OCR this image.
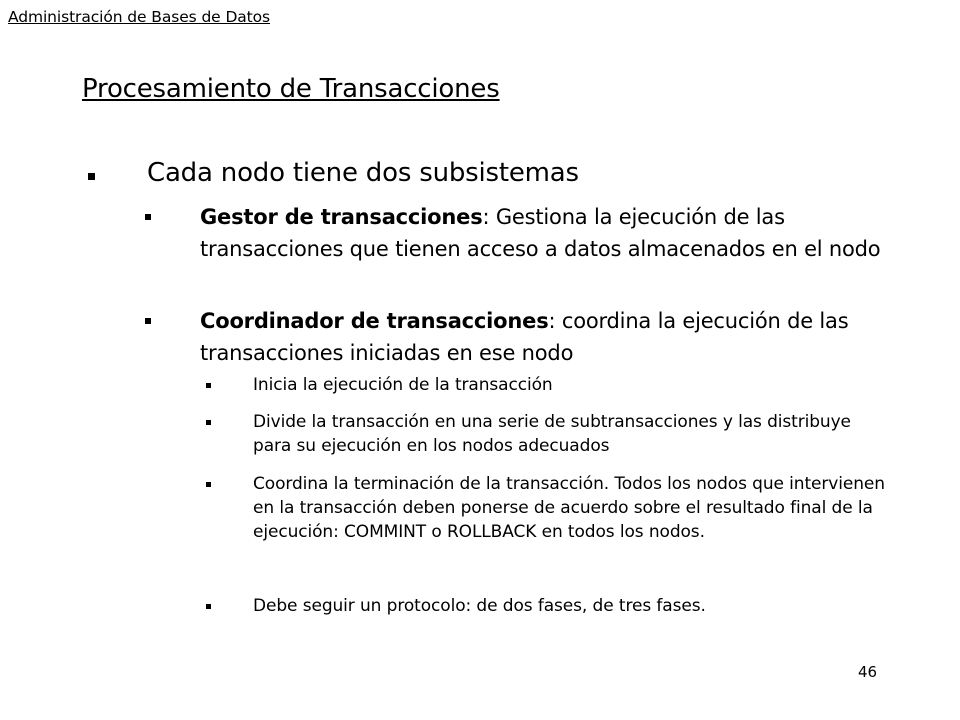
Administración de Bases de Datos
Procesamiento de Transacciones
Cada nodo tiene dos subsistemas
Gestor de transacciones: Gestiona la ejecución de las transacciones que tienen acceso a datos almacenados en el nodo
Coordinador de transacciones: coordina la ejecución de las transacciones iniciadas en ese nodo
Inicia la ejecución de la transacción
Divide la transacción en una serie de subtransacciones y las distribuye para su ejecución en los nodos adecuados
Coordina la terminación de la transacción. Todos los nodos que intervienen en la transacción deben ponerse de acuerdo sobre el resultado final de la ejecución: COMMINT o ROLLBACK en todos los nodos.
Debe seguir un protocolo: de dos fases, de tres fases.
46
